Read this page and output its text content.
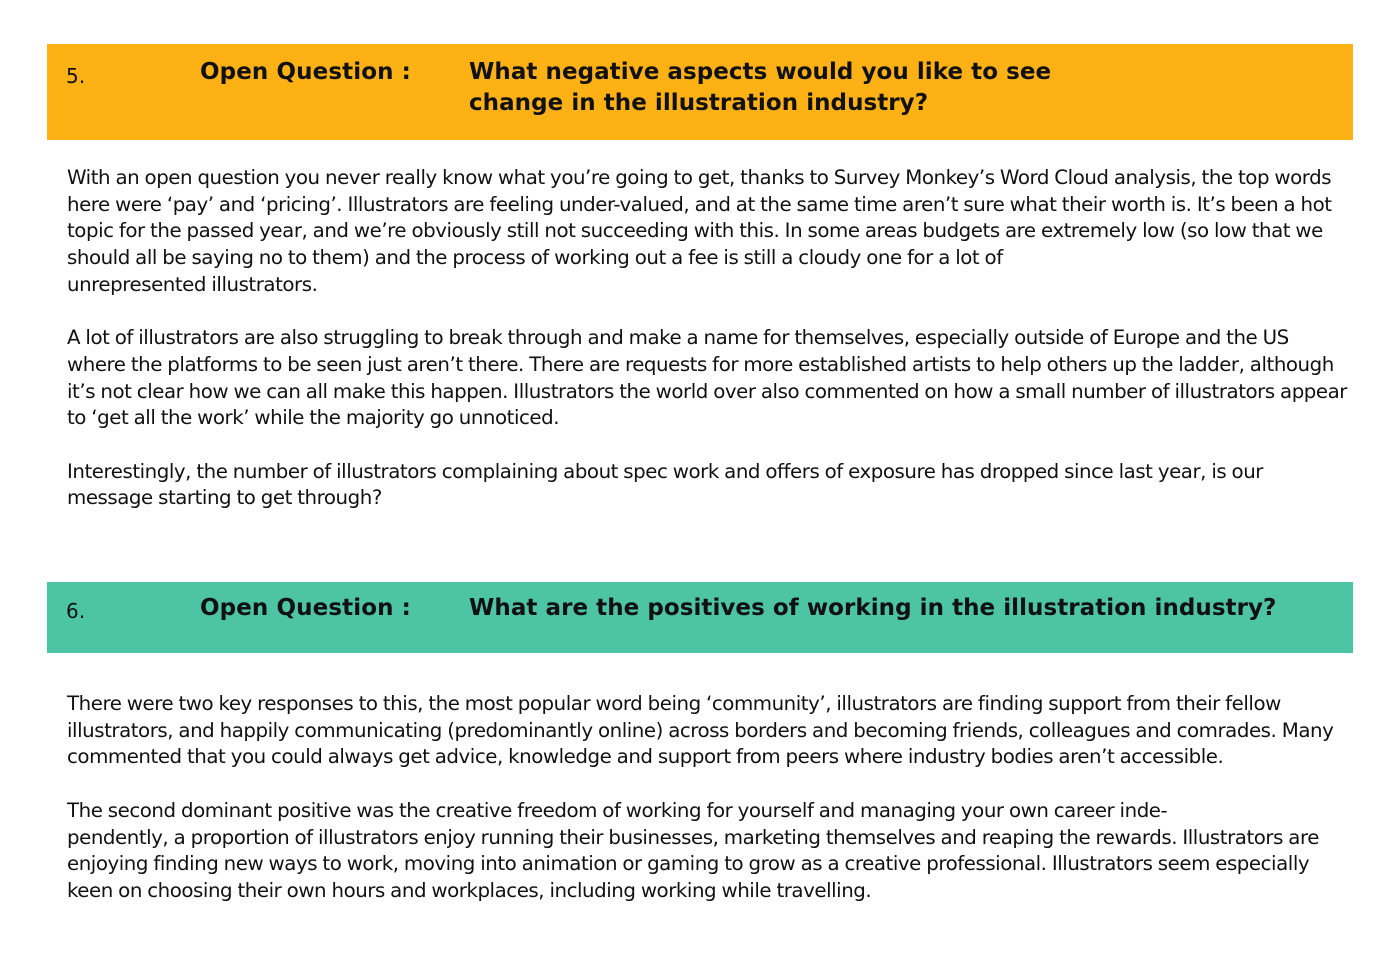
5.	Open Question :	What negative aspects would you like to see
change in the illustration industry?

With an open question you never really know what you’re going to get, thanks to Survey Monkey’s Word Cloud analysis, the top words here were ‘pay’ and ‘pricing’. Illustrators are feeling under-valued, and at the same time aren’t sure what their worth is. It’s been a hot topic for the passed year, and we’re obviously still not succeeding with this. In some areas budgets are extremely low (so low that we should all be saying no to them) and the process of working out a fee is still a cloudy one for a lot of
unrepresented illustrators.

A lot of illustrators are also struggling to break through and make a name for themselves, especially outside of Europe and the US where the platforms to be seen just aren’t there. There are requests for more established artists to help others up the ladder, although it’s not clear how we can all make this happen. Illustrators the world over also commented on how a small number of illustrators appear to ‘get all the work’ while the majority go unnoticed.

Interestingly, the number of illustrators complaining about spec work and offers of exposure has dropped since last year, is our message starting to get through?

6.	Open Question :	What are the positives of working in the illustration industry?

There were two key responses to this, the most popular word being ‘community’, illustrators are finding support from their fellow illustrators, and happily communicating (predominantly online) across borders and becoming friends, colleagues and comrades. Many commented that you could always get advice, knowledge and support from peers where industry bodies aren’t accessible.

The second dominant positive was the creative freedom of working for yourself and managing your own career inde-
pendently, a proportion of illustrators enjoy running their businesses, marketing themselves and reaping the rewards. Illustrators are enjoying finding new ways to work, moving into animation or gaming to grow as a creative professional. Illustrators seem especially keen on choosing their own hours and workplaces, including working while travelling.
